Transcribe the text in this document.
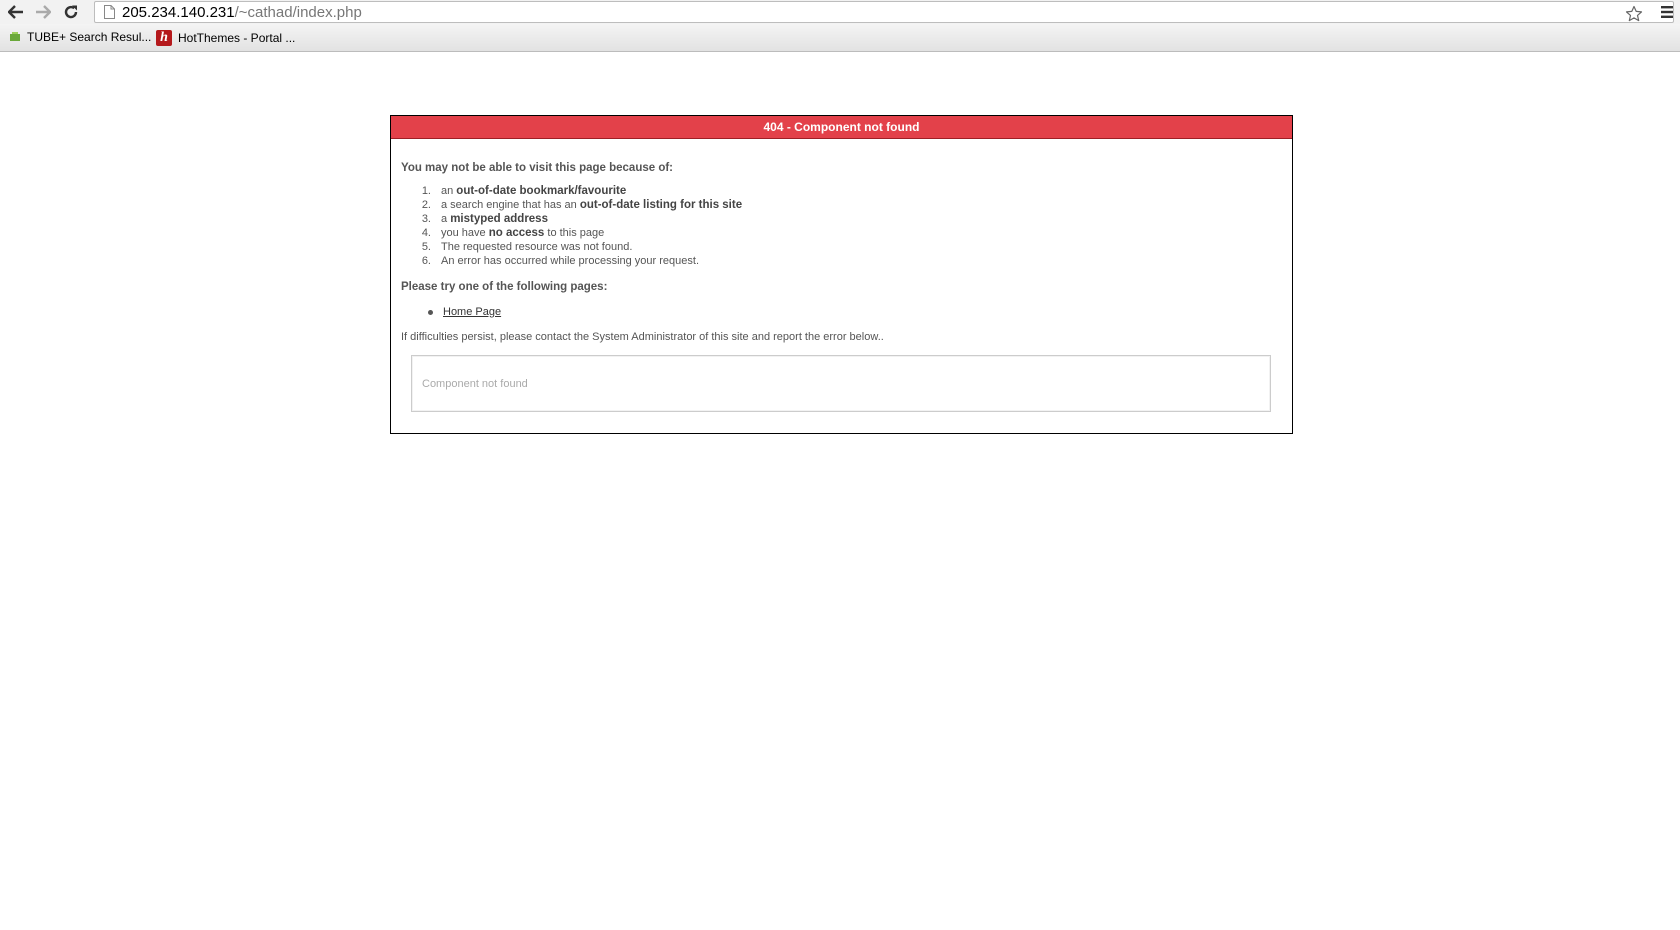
205.234.140.231/~cathad/index.php
TUBE+ Search Resul... h HotThemes - Portal ...
404 - Component not found

You may not be able to visit this page because of:

1. an out-of-date bookmark/favourite
2. a search engine that has an out-of-date listing for this site
3. a mistyped address
4. you have no access to this page
5. The requested resource was not found.
6. An error has occurred while processing your request.

Please try one of the following pages:

Home Page

If difficulties persist, please contact the System Administrator of this site and report the error below..

Component not found
